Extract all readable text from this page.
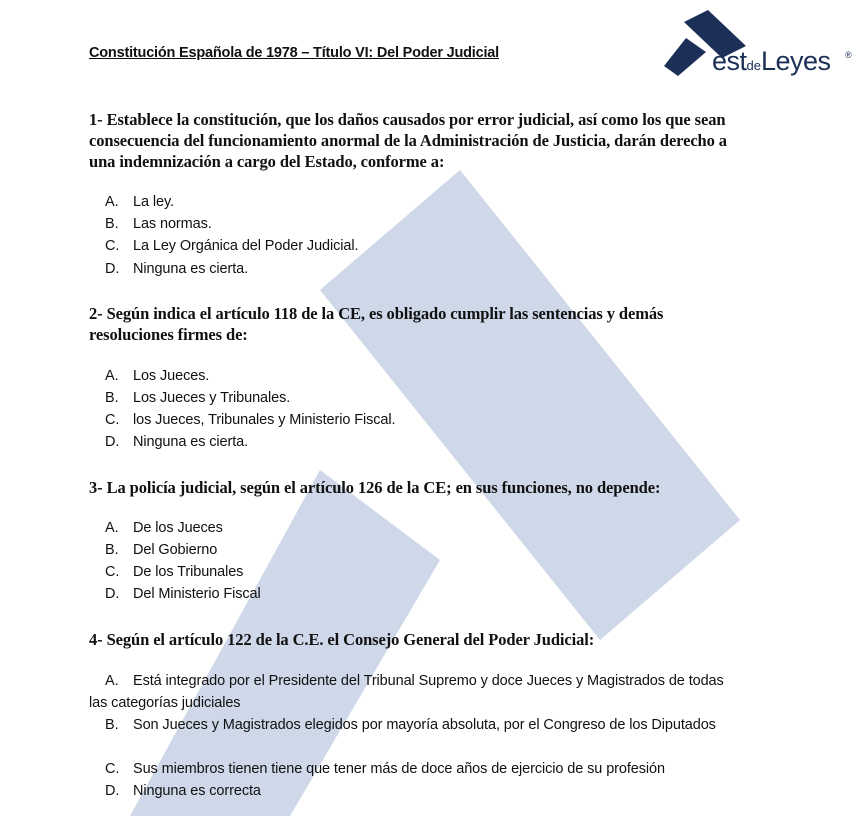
Constitución Española de 1978 – Título VI: Del Poder Judicial	estdeLeyes ®
1- Establece la constitución, que los daños causados por error judicial, así como los que sean consecuencia del funcionamiento anormal de la Administración de Justicia, darán derecho a una indemnización a cargo del Estado, conforme a:
A. La ley.
B. Las normas.
C. La Ley Orgánica del Poder Judicial.
D. Ninguna es cierta.
2- Según indica el artículo 118 de la CE, es obligado cumplir las sentencias y demás resoluciones firmes de:
A. Los Jueces.
B. Los Jueces y Tribunales.
C. los Jueces, Tribunales y Ministerio Fiscal.
D. Ninguna es cierta.
3- La policía judicial, según el artículo 126 de la CE; en sus funciones, no depende:
A. De los Jueces
B. Del Gobierno
C. De los Tribunales
D. Del Ministerio Fiscal
4- Según el artículo 122 de la C.E. el Consejo General del Poder Judicial:
A. Está integrado por el Presidente del Tribunal Supremo y doce Jueces y Magistrados de todas las categorías judiciales
B. Son Jueces y Magistrados elegidos por mayoría absoluta, por el Congreso de los Diputados
C. Sus miembros tienen tiene que tener más de doce años de ejercicio de su profesión
D. Ninguna es correcta
